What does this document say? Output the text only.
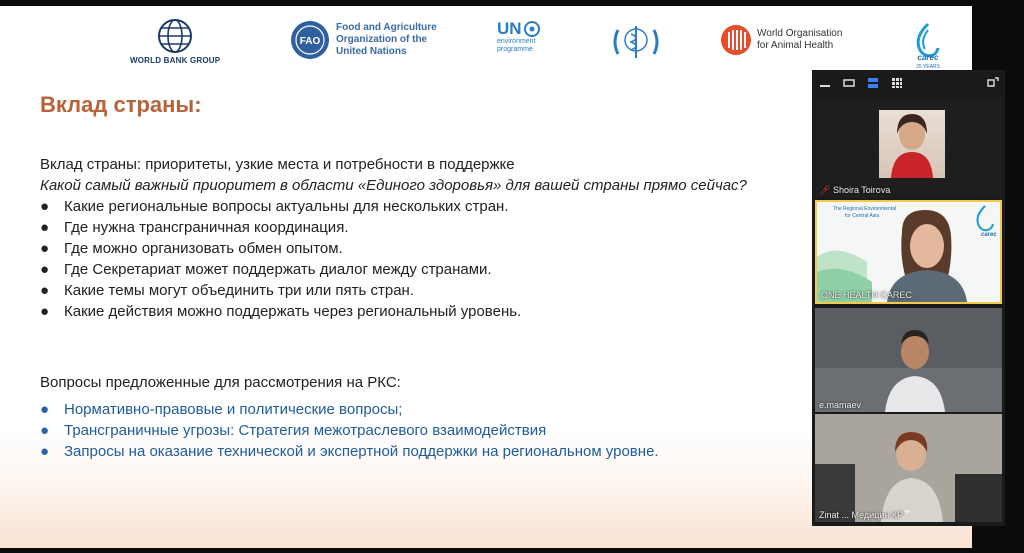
WORLD BANK GROUP
FAO
Food and Agriculture
Organization of the
United Nations
UN
environment
programme
World Organisation
for Animal Health
carec
25 YEARS
Вклад страны:
Вклад страны: приоритеты, узкие места и потребности в поддержке
Какой самый важный приоритет в области «Единого здоровья» для вашей страны прямо сейчас?
● Какие региональные вопросы актуальны для нескольких стран.
● Где нужна трансграничная координация.
● Где можно организовать обмен опытом.
● Где Секретариат может поддержать диалог между странами.
● Какие темы могут объединить три или пять стран.
● Какие действия можно поддержать через региональный уровень.
Вопросы предложенные для рассмотрения на РКС:
● Нормативно-правовые и политические вопросы;
● Трансграничные угрозы: Стратегия межотраслевого взаимодействия
● Запросы на оказание технической и экспертной поддержки на региональном уровне.
🎤︎ Shoira Toirova
The Regional Environmental
for Central Asia
carec
ONE HEALTH CAREC
e.mamaev
Zinat ... Медицин КР
⌄
